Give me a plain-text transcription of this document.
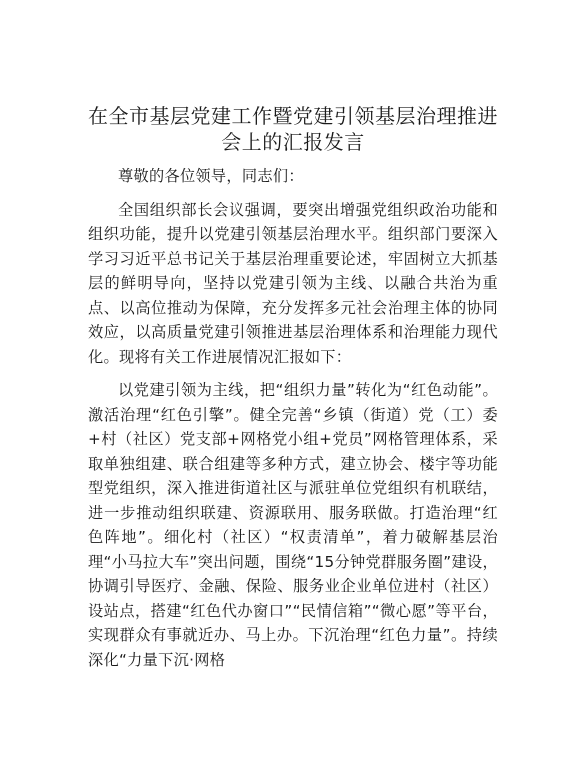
在全市基层党建工作暨党建引领基层治理推进
会上的汇报发言

尊敬的各位领导，同志们：

全国组织部长会议强调，要突出增强党组织政治功能和组织功能，提升以党建引领基层治理水平。组织部门要深入学习习近平总书记关于基层治理重要论述，牢固树立大抓基层的鲜明导向，坚持以党建引领为主线、以融合共治为重点、以高位推动为保障，充分发挥多元社会治理主体的协同效应，以高质量党建引领推进基层治理体系和治理能力现代化。现将有关工作进展情况汇报如下：

以党建引领为主线，把“组织力量”转化为“红色动能”。激活治理“红色引擎”。健全完善“乡镇（街道）党（工）委+村（社区）党支部+网格党小组+党员”网格管理体系，采取单独组建、联合组建等多种方式，建立协会、楼宇等功能型党组织，深入推进街道社区与派驻单位党组织有机联结，进一步推动组织联建、资源联用、服务联做。打造治理“红色阵地”。细化村（社区）“权责清单”，着力破解基层治理“小马拉大车”突出问题，围绕“15分钟党群服务圈”建设，协调引导医疗、金融、保险、服务业企业单位进村（社区）设站点，搭建“红色代办窗口”“民情信箱”“微心愿”等平台，实现群众有事就近办、马上办。下沉治理“红色力量”。持续深化“力量下沉·网格
